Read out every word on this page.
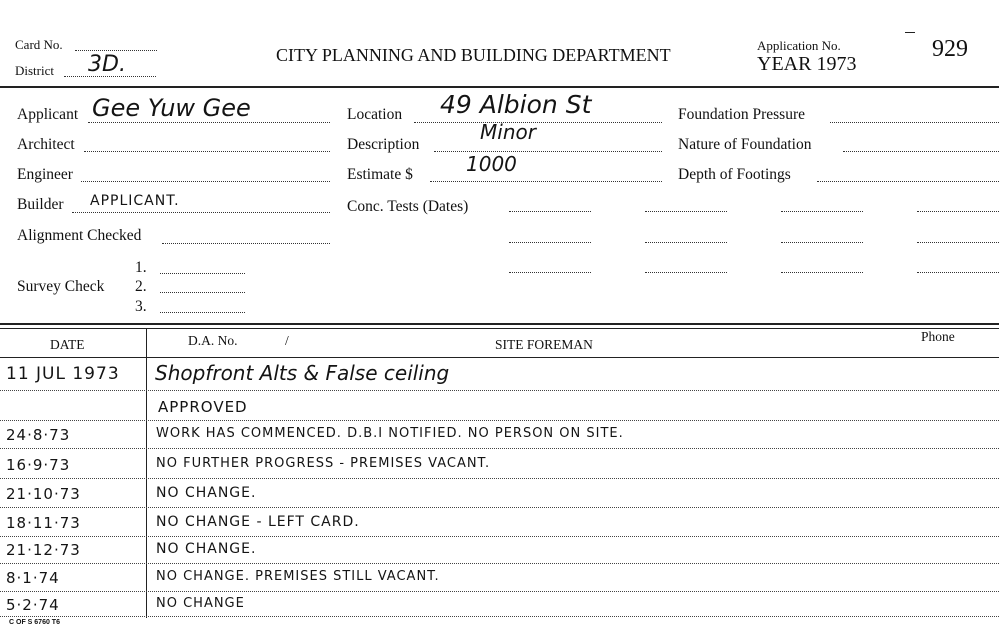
Card No.
District 3D.	CITY PLANNING AND BUILDING DEPARTMENT	Application No.
YEAR 1973
929
Applicant Gee Yuw Gee
Architect
Engineer
Builder APPLICANT.
Alignment Checked
Survey Check
1.
2.
3.
Location 49 Albion St
Description
Minor
Estimate $	1000
Conc. Tests (Dates)
Foundation Pressure
Nature of Foundation
Depth of Footings
DATE	D.A. No.	/	SITE FOREMAN
Phone
11 JUL 1973 Shopfront Alts & False ceiling
APPROVED
24·8·73	WORK HAS COMMENCED. D.B.I NOTIFIED. NO PERSON ON SITE.
16·9·73	NO FURTHER PROGRESS - PREMISES VACANT.
21·10·73	NO CHANGE.
18·11·73	NO CHANGE - LEFT CARD.
21·12·73	NO CHANGE.
8·1·74	NO CHANGE. PREMISES STILL VACANT.
5·2·74	NO CHANGE
C OF S 6760 T6
